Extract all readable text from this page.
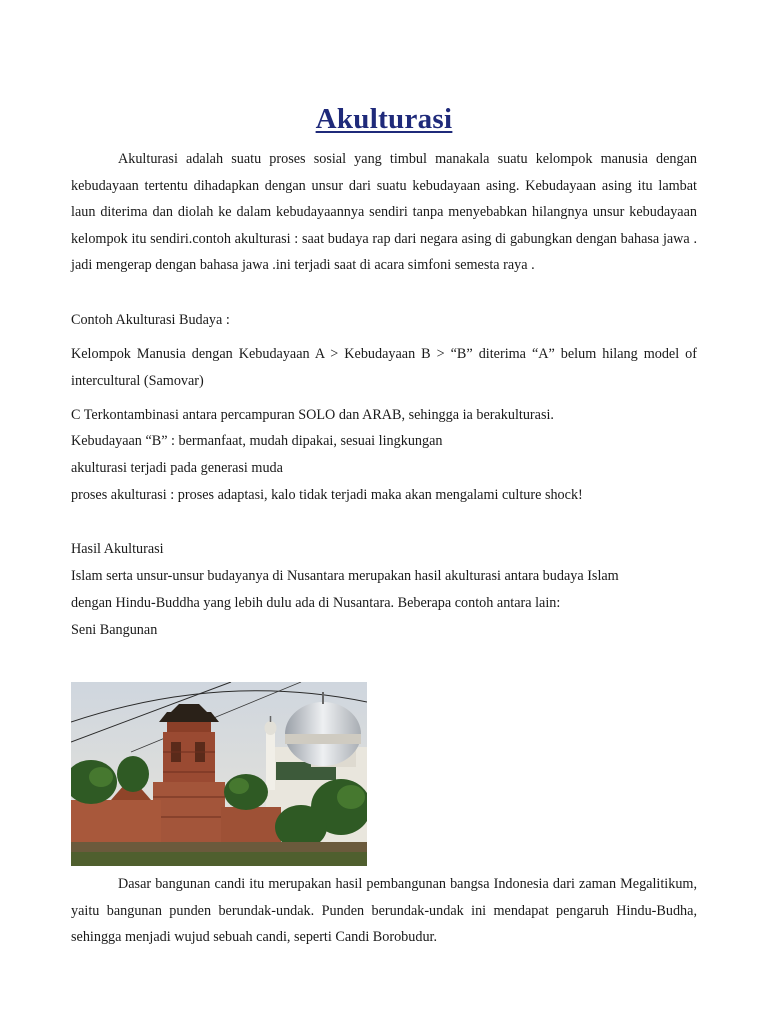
Akulturasi

Akulturasi adalah suatu proses sosial yang timbul manakala suatu kelompok manusia dengan kebudayaan tertentu dihadapkan dengan unsur dari suatu kebudayaan asing. Kebudayaan asing itu lambat laun diterima dan diolah ke dalam kebudayaannya sendiri tanpa menyebabkan hilangnya unsur kebudayaan kelompok itu sendiri.contoh akulturasi : saat budaya rap dari negara asing di gabungkan dengan bahasa jawa . jadi mengerap dengan bahasa jawa .ini terjadi saat di acara simfoni semesta raya .

Contoh Akulturasi Budaya :

Kelompok Manusia dengan Kebudayaan A > Kebudayaan B > “B” diterima “A” belum hilang model of intercultural (Samovar)

C Terkontambinasi antara percampuran SOLO dan ARAB, sehingga ia berakulturasi.

Kebudayaan “B” : bermanfaat, mudah dipakai, sesuai lingkungan

akulturasi terjadi pada generasi muda

proses akulturasi : proses adaptasi, kalo tidak terjadi maka akan mengalami culture shock!

Hasil Akulturasi

Islam serta unsur-unsur budayanya di Nusantara merupakan hasil akulturasi antara budaya Islam

dengan Hindu-Buddha yang lebih dulu ada di Nusantara. Beberapa contoh antara lain:

Seni Bangunan

Dasar bangunan candi itu merupakan hasil pembangunan bangsa Indonesia dari zaman Megalitikum, yaitu bangunan punden berundak-undak. Punden berundak-undak ini mendapat pengaruh Hindu-Budha, sehingga menjadi wujud sebuah candi, seperti Candi Borobudur.
